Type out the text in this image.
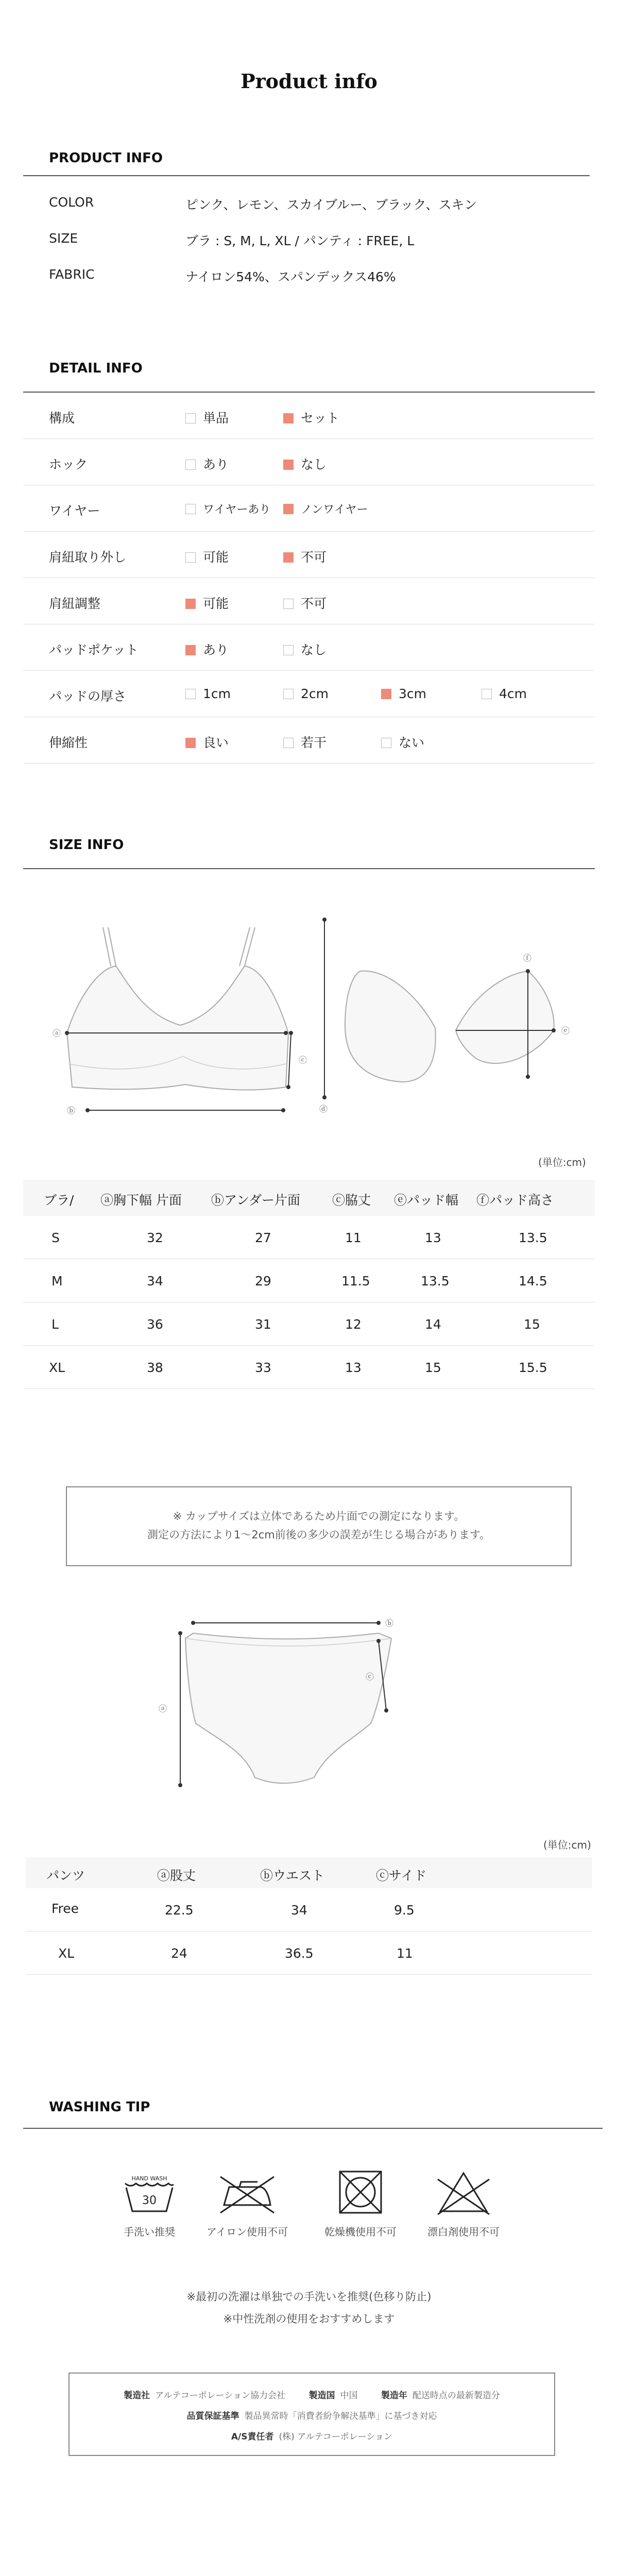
Product info
PRODUCT INFO
COLOR	ピンク、レモン、スカイブルー、ブラック、スキン
SIZE	ブラ : S, M, L, XL / パンティ : FREE, L
FABRIC	ナイロン54%、スパンデックス46%
DETAIL INFO
構成	単品	セット
ホック	あり	なし
ワイヤー	ワイヤーあり	ノンワイヤー
肩紐取り外し	可能	不可
肩紐調整	可能	不可
パッドポケット	あり	なし
パッドの厚さ	1cm	2cm	3cm	4cm
伸縮性	良い	若干	ない
SIZE INFO
ⓐ
ⓑ
ⓒ
ⓓ
ⓔ
ⓕ
(単位:cm)
ブラ/ ⓐ胸下幅 片面 ⓑアンダー片面 ⓒ脇丈 ⓔパッド幅 ⓕパッド高さ
S	32	27	11	13	13.5
M	34	29	11.5	13.5	14.5
L	36	31	12	14	15
XL	38	33	13	15	15.5
※ カップサイズは立体であるため片面での測定になります。
測定の方法により1～2cm前後の多少の誤差が生じる場合があります。
ⓑ
ⓒ
ⓐ
(単位:cm)
パンツ	ⓐ股丈	ⓑウエスト	ⓒサイド
Free	22.5	34	9.5
XL	24	36.5	11
WASHING TIP
HAND WASH
30
手洗い推奨	アイロン使用不可	乾燥機使用不可	漂白剤使用不可
※最初の洗濯は単独での手洗いを推奨(色移り防止)
※中性洗剤の使用をおすすめします
製造社 アルテコーポレーション協力会社	製造国 中国	製造年 配送時点の最新製造分
品質保証基準 製品異常時「消費者紛争解決基準」に基づき対応
A/S責任者 (株) アルテコーポレーション
